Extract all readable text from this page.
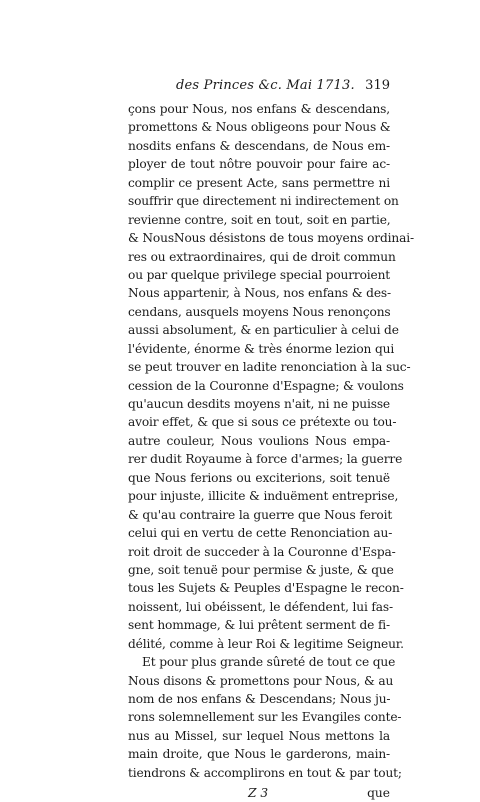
des Princes &c. Mai 1713. 319
çons pour Nous, nos enfans & descendans,
promettons & Nous obligeons pour Nous &
nosdits enfans & descendans, de Nous em-
ployer de tout nôtre pouvoir pour faire ac-
complir ce present Acte, sans permettre ni
souffrir que directement ni indirectement on
revienne contre, soit en tout, soit en partie,
& NousNous désistons de tous moyens ordinai-
res ou extraordinaires, qui de droit commun
ou par quelque privilege special pourroient
Nous appartenir, à Nous, nos enfans & des-
cendans, ausquels moyens Nous renonçons
aussi absolument, & en particulier à celui de
l'évidente, énorme & très énorme lezion qui
se peut trouver en ladite renonciation à la suc-
cession de la Couronne d'Espagne; & voulons
qu'aucun desdits moyens n'ait, ni ne puisse
avoir effet, & que si sous ce prétexte ou tou-
autre couleur, Nous voulions Nous empa-
rer dudit Royaume à force d'armes; la guerre
que Nous ferions ou exciterions, soit tenuë
pour injuste, illicite & induëment entreprise,
& qu'au contraire la guerre que Nous feroit
celui qui en vertu de cette Renonciation au-
roit droit de succeder à la Couronne d'Espa-
gne, soit tenuë pour permise & juste, & que
tous les Sujets & Peuples d'Espagne le recon-
noissent, lui obéissent, le défendent, lui fas-
sent hommage, & lui prêtent serment de fi-
délité, comme à leur Roi & legitime Seigneur.
Et pour plus grande sûreté de tout ce que
Nous disons & promettons pour Nous, & au
nom de nos enfans & Descendans; Nous ju-
rons solemnellement sur les Evangiles conte-
nus au Missel, sur lequel Nous mettons la
main droite, que Nous le garderons, main-
tiendrons & accomplirons en tout & par tout;
Z 3	que
